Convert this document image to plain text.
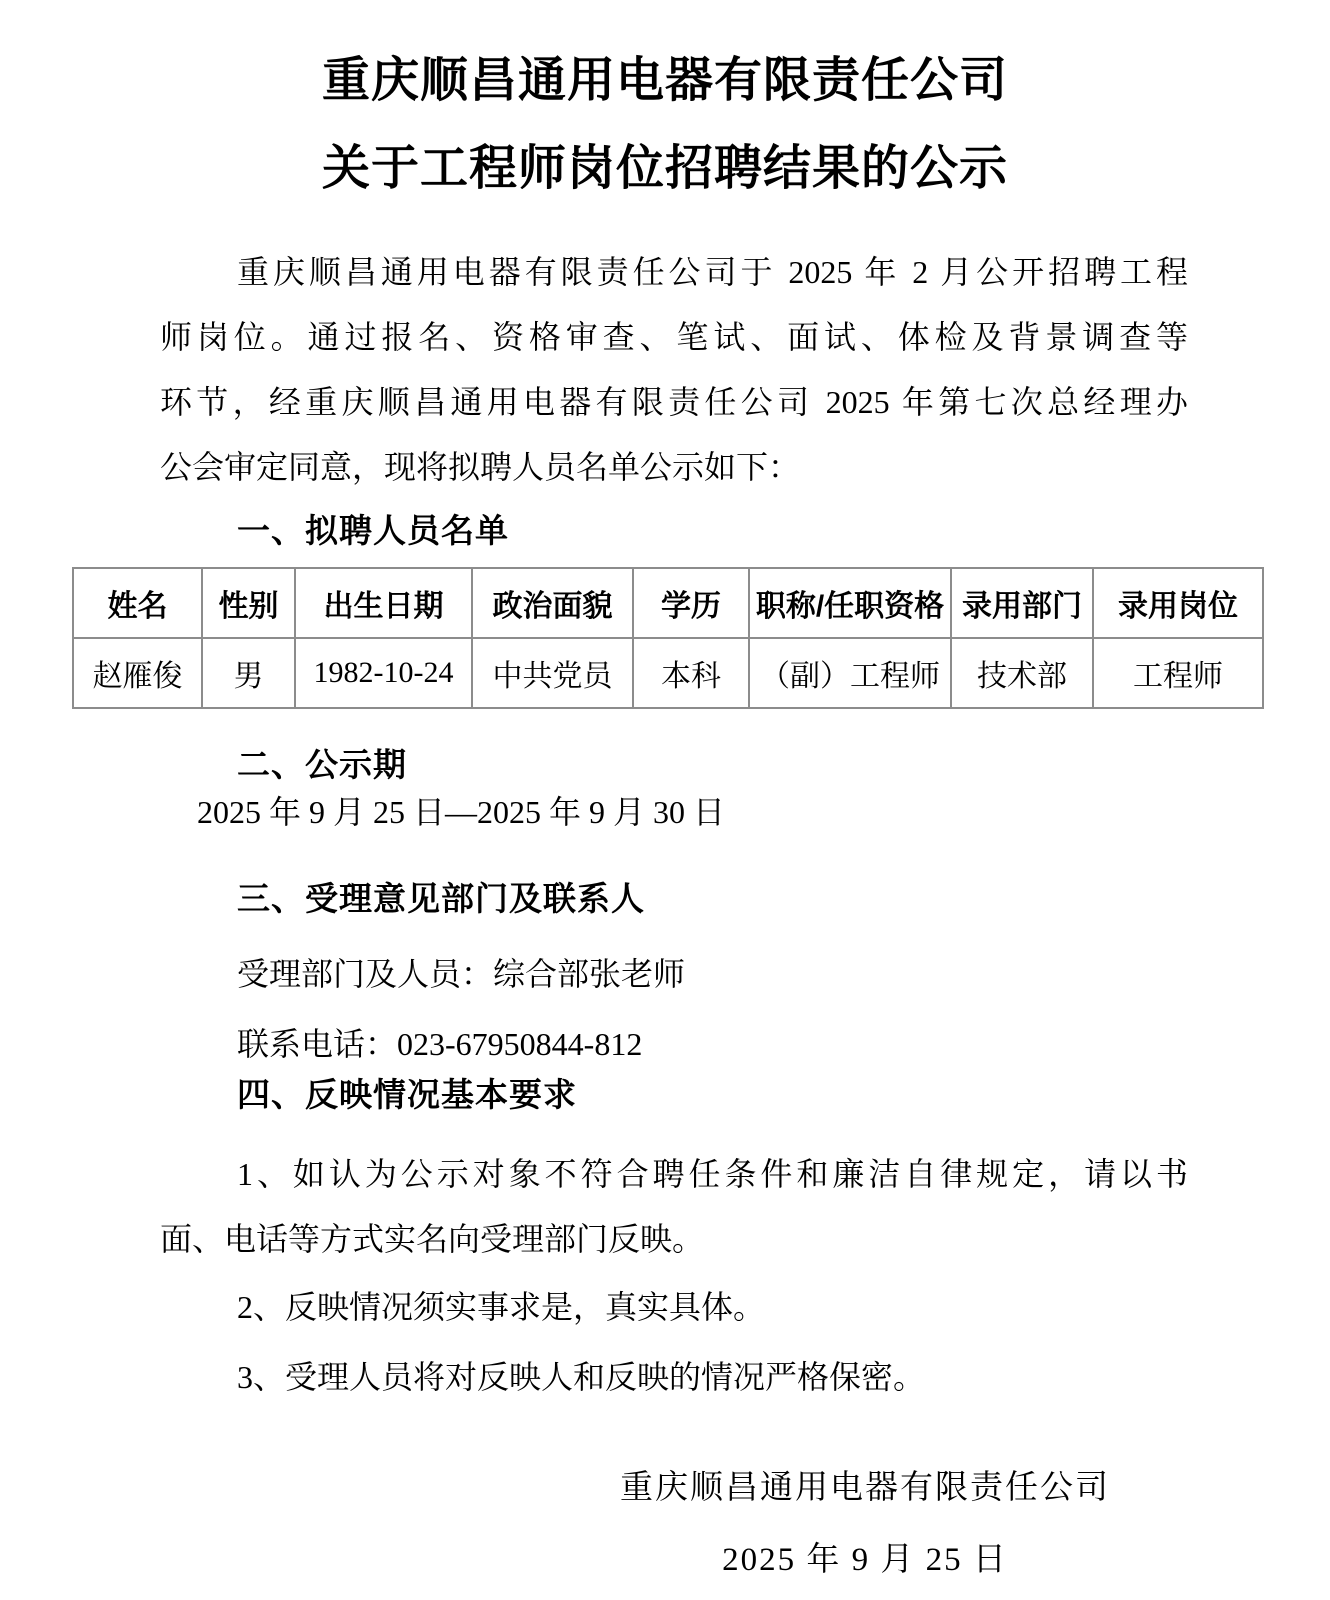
重庆顺昌通用电器有限责任公司
关于工程师岗位招聘结果的公示
重庆顺昌通用电器有限责任公司于 2025 年 2 月公开招聘工程
师岗位。通过报名、资格审查、笔试、面试、体检及背景调查等
环节，经重庆顺昌通用电器有限责任公司 2025 年第七次总经理办
公会审定同意，现将拟聘人员名单公示如下：
一、拟聘人员名单
姓名	性别	出生日期	政治面貌	学历	职称/任职资格	录用部门	录用岗位
赵雁俊	男	1982-10-24	中共党员	本科	（副）工程师	技术部	工程师
二、公示期
2025 年 9 月 25 日—2025 年 9 月 30 日
三、受理意见部门及联系人
受理部门及人员：综合部张老师
联系电话：023-67950844-812
四、反映情况基本要求
1、如认为公示对象不符合聘任条件和廉洁自律规定，请以书
面、电话等方式实名向受理部门反映。
2、反映情况须实事求是，真实具体。
3、受理人员将对反映人和反映的情况严格保密。
重庆顺昌通用电器有限责任公司
2025 年 9 月 25 日
